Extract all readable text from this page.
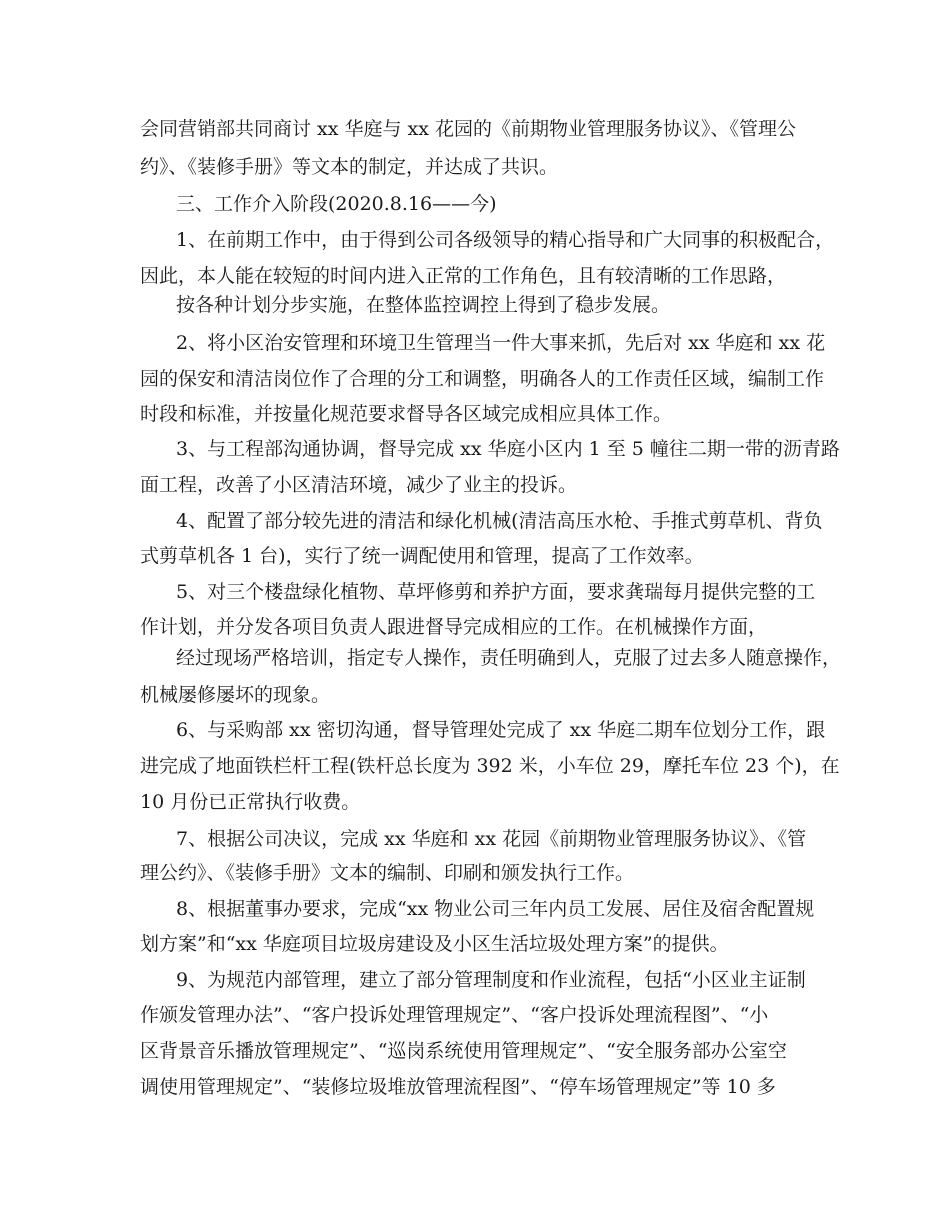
会同营销部共同商讨 xx 华庭与 xx 花园的《前期物业管理服务协议》、《管理公
约》、《装修手册》等文本的制定，并达成了共识。
三、工作介入阶段(2020.8.16——今)
1、在前期工作中，由于得到公司各级领导的精心指导和广大同事的积极配合，
因此，本人能在较短的时间内进入正常的工作角色，且有较清晰的工作思路，
按各种计划分步实施，在整体监控调控上得到了稳步发展。
2、将小区治安管理和环境卫生管理当一件大事来抓，先后对 xx 华庭和 xx 花
园的保安和清洁岗位作了合理的分工和调整，明确各人的工作责任区域，编制工作
时段和标准，并按量化规范要求督导各区域完成相应具体工作。
3、与工程部沟通协调，督导完成 xx 华庭小区内 1 至 5 幢往二期一带的沥青路
面工程，改善了小区清洁环境，减少了业主的投诉。
4、配置了部分较先进的清洁和绿化机械(清洁高压水枪、手推式剪草机、背负
式剪草机各 1 台)，实行了统一调配使用和管理，提高了工作效率。
5、对三个楼盘绿化植物、草坪修剪和养护方面，要求龚瑞每月提供完整的工
作计划，并分发各项目负责人跟进督导完成相应的工作。在机械操作方面，
经过现场严格培训，指定专人操作，责任明确到人，克服了过去多人随意操作，
机械屡修屡坏的现象。
6、与采购部 xx 密切沟通，督导管理处完成了 xx 华庭二期车位划分工作，跟
进完成了地面铁栏杆工程(铁杆总长度为 392 米，小车位 29，摩托车位 23 个)，在
10 月份已正常执行收费。
7、根据公司决议，完成 xx 华庭和 xx 花园《前期物业管理服务协议》、《管
理公约》、《装修手册》文本的编制、印刷和颁发执行工作。
8、根据董事办要求，完成“xx 物业公司三年内员工发展、居住及宿舍配置规
划方案”和“xx 华庭项目垃圾房建设及小区生活垃圾处理方案”的提供。
9、为规范内部管理，建立了部分管理制度和作业流程，包括“小区业主证制
作颁发管理办法”、“客户投诉处理管理规定”、“客户投诉处理流程图”、“小
区背景音乐播放管理规定”、“巡岗系统使用管理规定”、“安全服务部办公室空
调使用管理规定”、“装修垃圾堆放管理流程图”、“停车场管理规定”等 10 多
